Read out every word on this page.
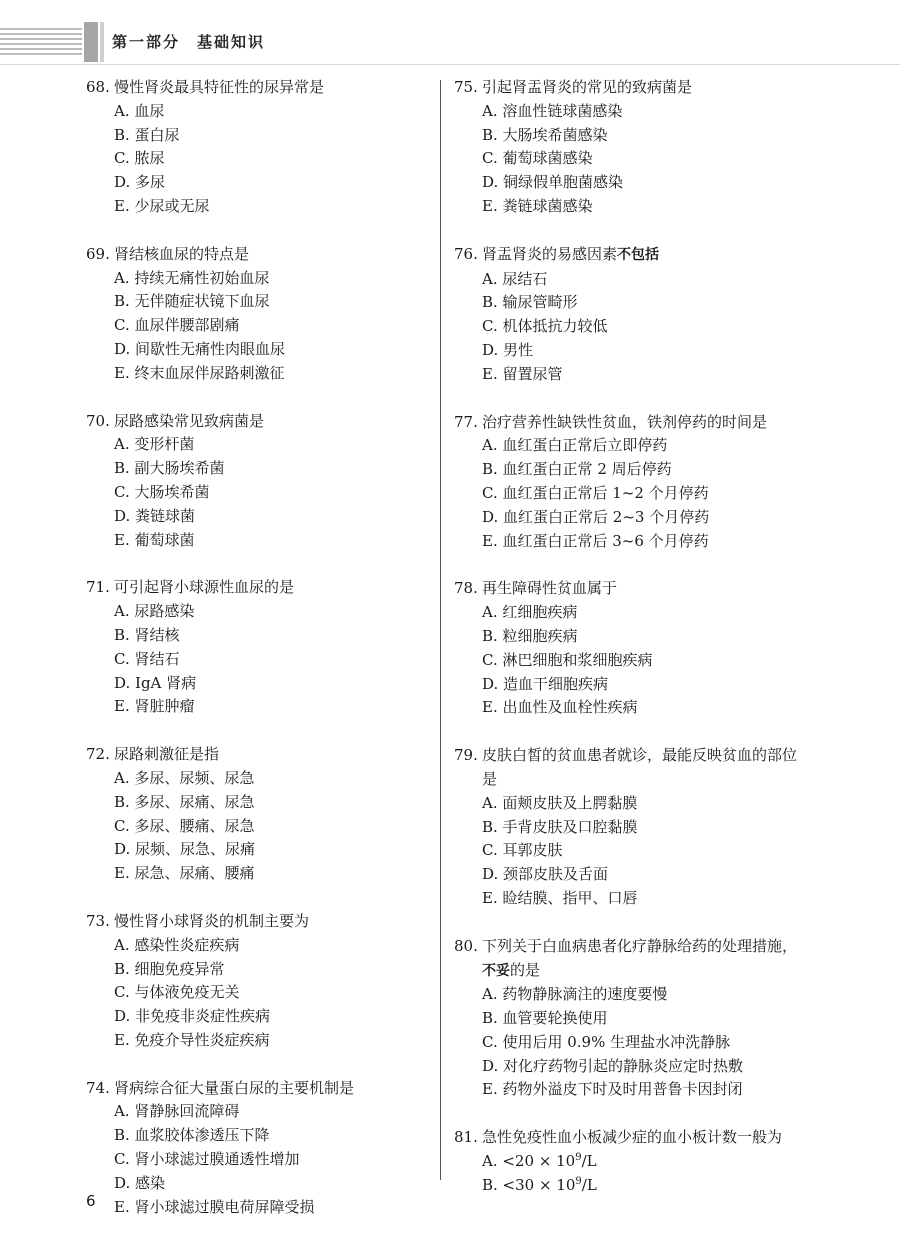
第一部分　基础知识
68. 慢性肾炎最具特征性的尿异常是
A. 血尿
B. 蛋白尿
C. 脓尿
D. 多尿
E. 少尿或无尿
69. 肾结核血尿的特点是
A. 持续无痛性初始血尿
B. 无伴随症状镜下血尿
C. 血尿伴腰部剧痛
D. 间歇性无痛性肉眼血尿
E. 终末血尿伴尿路刺激征
70. 尿路感染常见致病菌是
A. 变形杆菌
B. 副大肠埃希菌
C. 大肠埃希菌
D. 粪链球菌
E. 葡萄球菌
71. 可引起肾小球源性血尿的是
A. 尿路感染
B. 肾结核
C. 肾结石
D. IgA 肾病
E. 肾脏肿瘤
72. 尿路刺激征是指
A. 多尿、尿频、尿急
B. 多尿、尿痛、尿急
C. 多尿、腰痛、尿急
D. 尿频、尿急、尿痛
E. 尿急、尿痛、腰痛
73. 慢性肾小球肾炎的机制主要为
A. 感染性炎症疾病
B. 细胞免疫异常
C. 与体液免疫无关
D. 非免疫非炎症性疾病
E. 免疫介导性炎症疾病
74. 肾病综合征大量蛋白尿的主要机制是
A. 肾静脉回流障碍
B. 血浆胶体渗透压下降
C. 肾小球滤过膜通透性增加
D. 感染
E. 肾小球滤过膜电荷屏障受损
75. 引起肾盂肾炎的常见的致病菌是
A. 溶血性链球菌感染
B. 大肠埃希菌感染
C. 葡萄球菌感染
D. 铜绿假单胞菌感染
E. 粪链球菌感染
76. 肾盂肾炎的易感因素不包括
A. 尿结石
B. 输尿管畸形
C. 机体抵抗力较低
D. 男性
E. 留置尿管
77. 治疗营养性缺铁性贫血，铁剂停药的时间是
A. 血红蛋白正常后立即停药
B. 血红蛋白正常 2 周后停药
C. 血红蛋白正常后 1~2 个月停药
D. 血红蛋白正常后 2~3 个月停药
E. 血红蛋白正常后 3~6 个月停药
78. 再生障碍性贫血属于
A. 红细胞疾病
B. 粒细胞疾病
C. 淋巴细胞和浆细胞疾病
D. 造血干细胞疾病
E. 出血性及血栓性疾病
79. 皮肤白皙的贫血患者就诊，最能反映贫血的部位是
A. 面颊皮肤及上腭黏膜
B. 手背皮肤及口腔黏膜
C. 耳郭皮肤
D. 颈部皮肤及舌面
E. 睑结膜、指甲、口唇
80. 下列关于白血病患者化疗静脉给药的处理措施，不妥的是
A. 药物静脉滴注的速度要慢
B. 血管要轮换使用
C. 使用后用 0.9% 生理盐水冲洗静脉
D. 对化疗药物引起的静脉炎应定时热敷
E. 药物外溢皮下时及时用普鲁卡因封闭
81. 急性免疫性血小板减少症的血小板计数一般为
A. $<20 \times 10^9/L$
B. $<30 \times 10^9/L$
6
